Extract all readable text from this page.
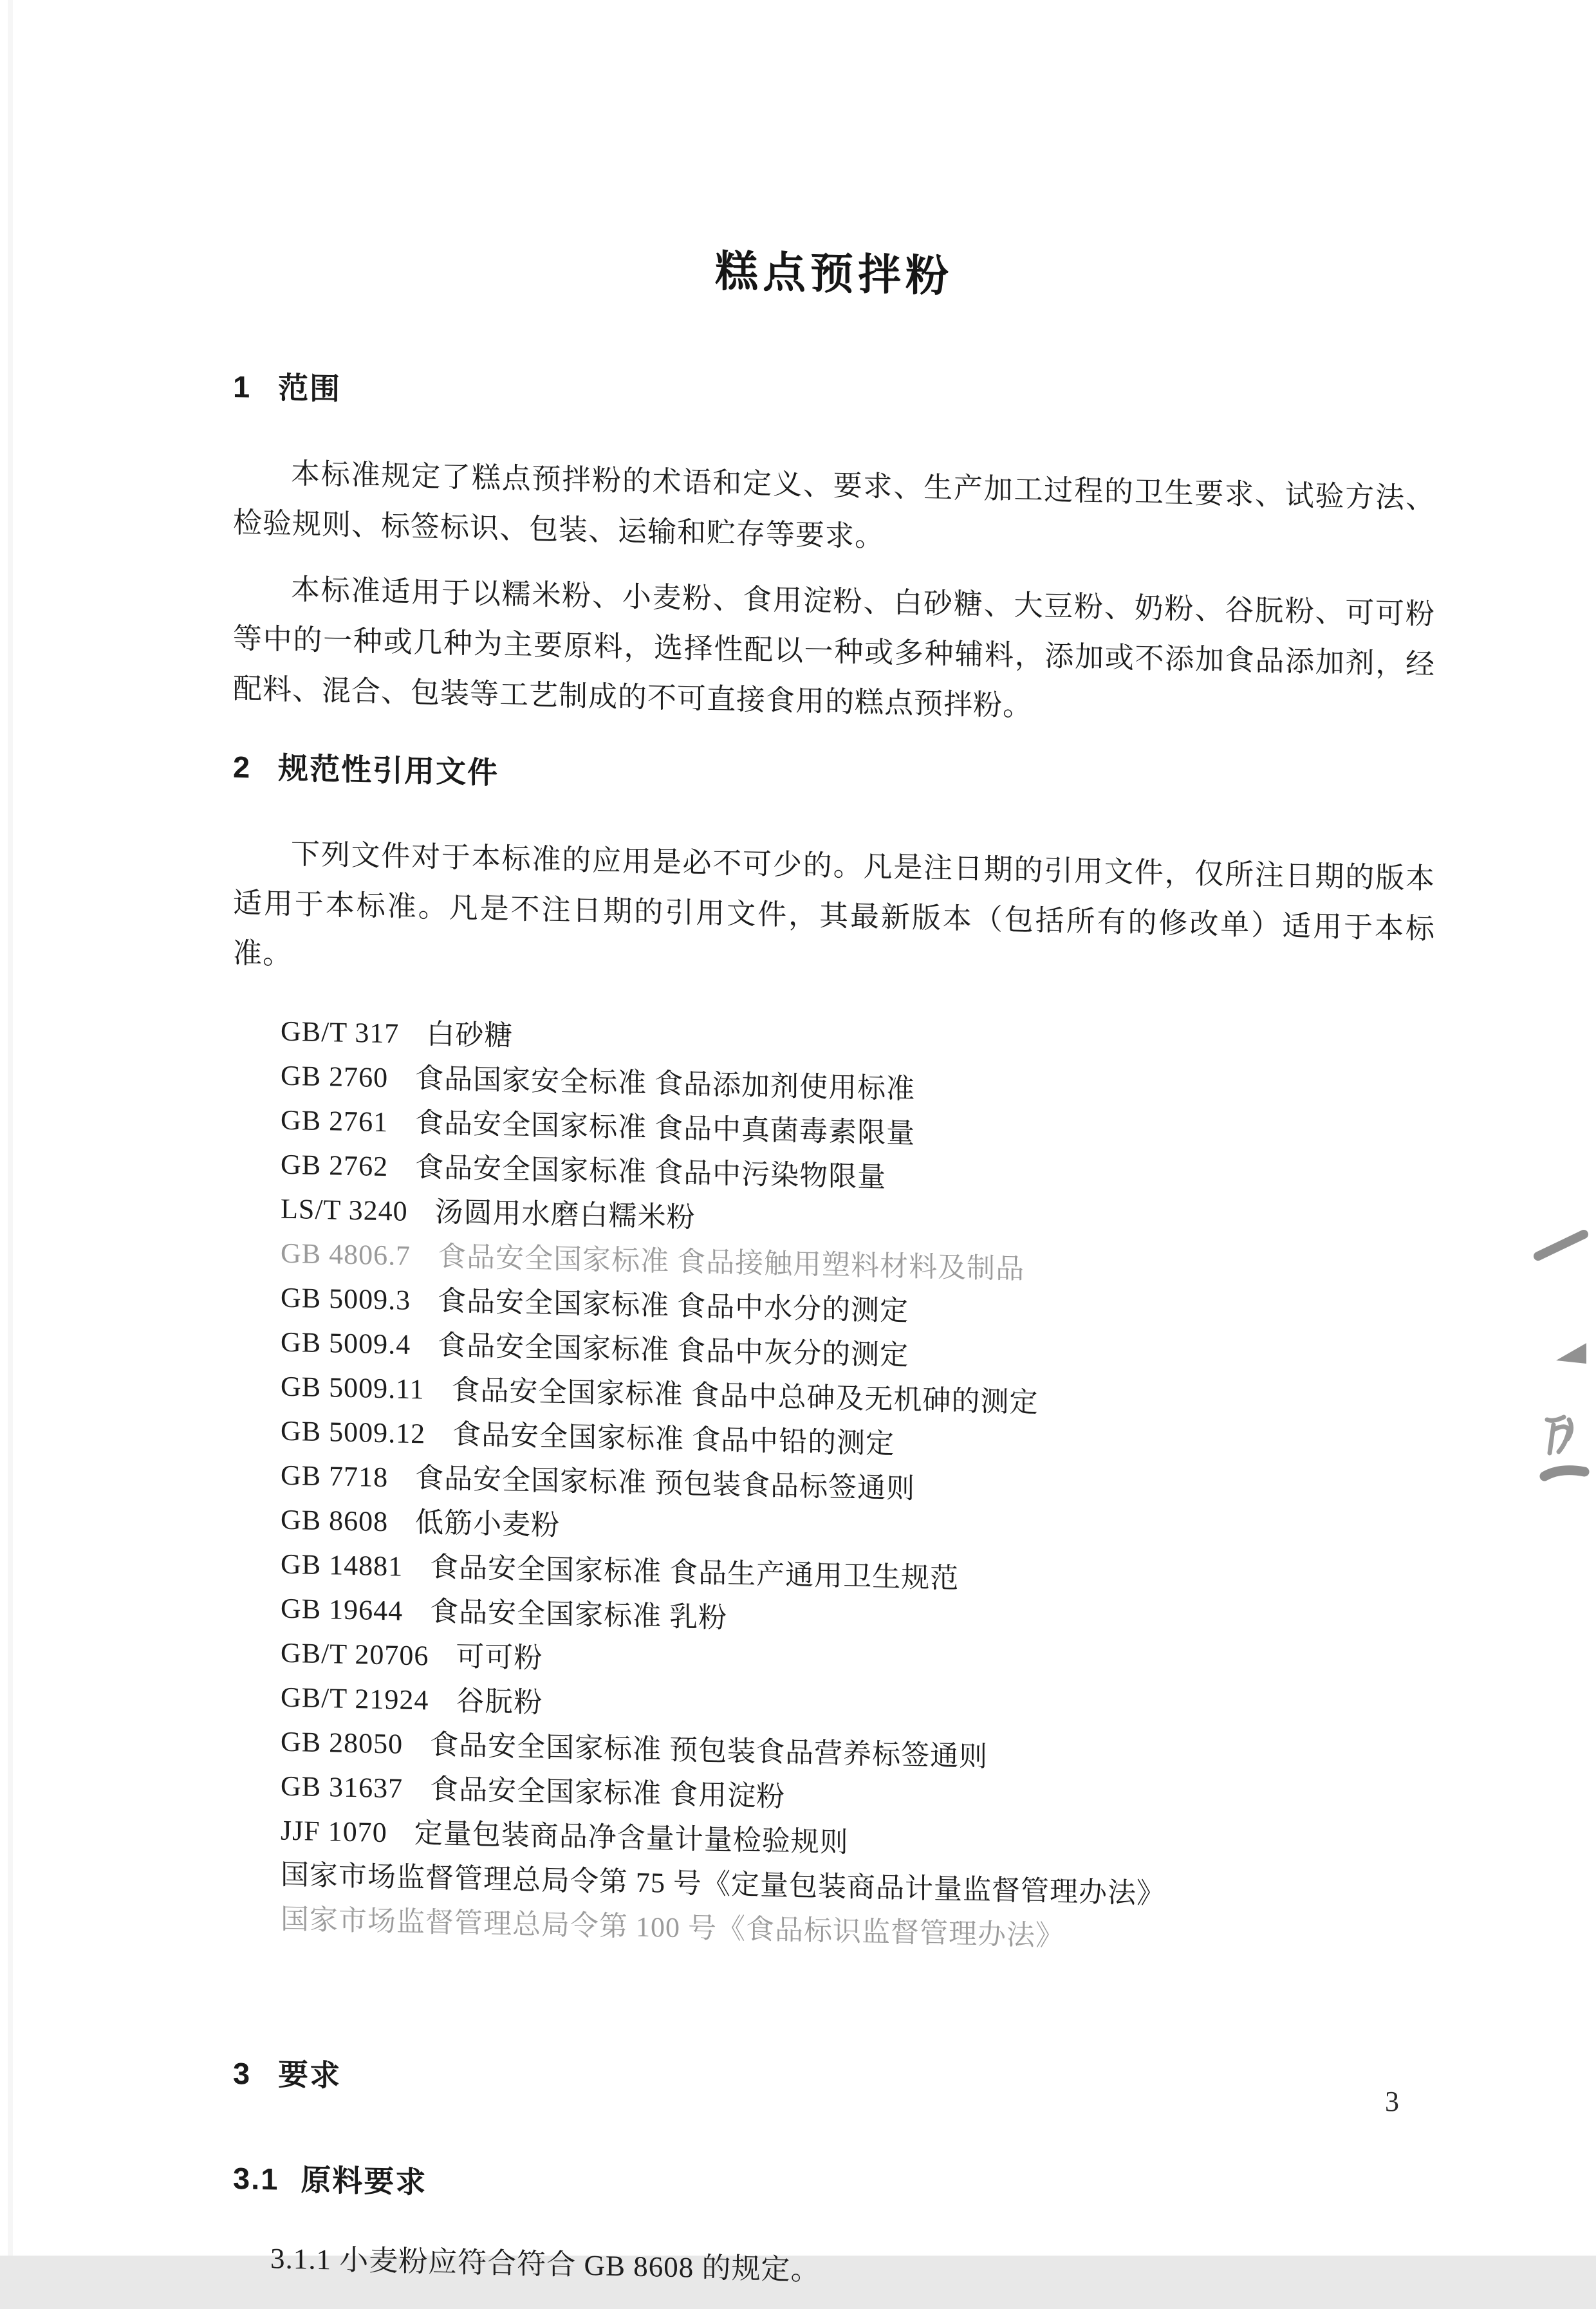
糕点预拌粉
1 范围

本标准规定了糕点预拌粉的术语和定义、要求、生产加工过程的卫生要求、试验方法、检验规则、标签标识、包装、运输和贮存等要求。

本标准适用于以糯米粉、小麦粉、食用淀粉、白砂糖、大豆粉、奶粉、谷朊粉、可可粉等中的一种或几种为主要原料，选择性配以一种或多种辅料，添加或不添加食品添加剂，经配料、混合、包装等工艺制成的不可直接食用的糕点预拌粉。

2 规范性引用文件

下列文件对于本标准的应用是必不可少的。凡是注日期的引用文件，仅所注日期的版本适用于本标准。凡是不注日期的引用文件，其最新版本（包括所有的修改单）适用于本标准。

GB/T 317 白砂糖
GB 2760 食品国家安全标准 食品添加剂使用标准
GB 2761 食品安全国家标准 食品中真菌毒素限量
GB 2762 食品安全国家标准 食品中污染物限量
LS/T 3240 汤圆用水磨白糯米粉
GB 4806.7 食品安全国家标准 食品接触用塑料材料及制品
GB 5009.3 食品安全国家标准 食品中水分的测定
GB 5009.4 食品安全国家标准 食品中灰分的测定
GB 5009.11 食品安全国家标准 食品中总砷及无机砷的测定
GB 5009.12 食品安全国家标准 食品中铅的测定
GB 7718 食品安全国家标准 预包装食品标签通则
GB 8608 低筋小麦粉
GB 14881 食品安全国家标准 食品生产通用卫生规范
GB 19644 食品安全国家标准 乳粉
GB/T 20706 可可粉
GB/T 21924 谷朊粉
GB 28050 食品安全国家标准 预包装食品营养标签通则
GB 31637 食品安全国家标准 食用淀粉
JJF 1070 定量包装商品净含量计量检验规则
国家市场监督管理总局令第 75 号《定量包装商品计量监督管理办法》
国家市场监督管理总局令第 100 号《食品标识监督管理办法》
3 要求
3.1 原料要求

3.1.1 小麦粉应符合符合 GB 8608 的规定。

3
